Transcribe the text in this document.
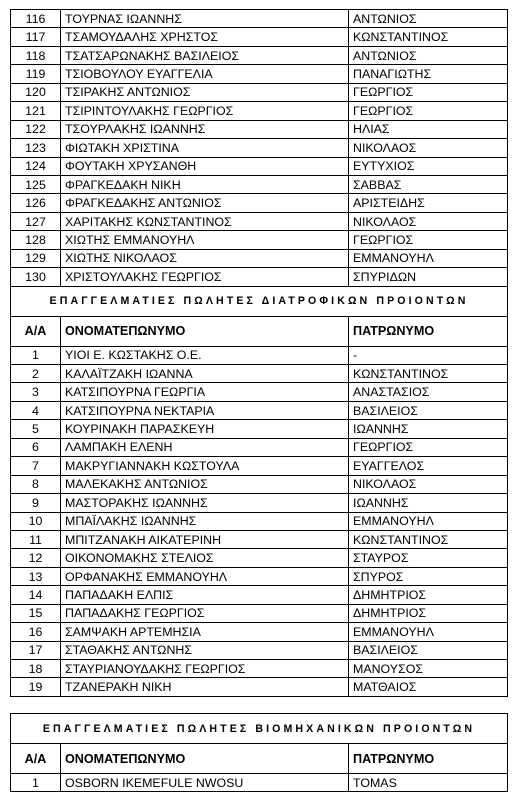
116	ΤΟΥΡΝΑΣ ΙΩΑΝΝΗΣ	ΑΝΤΩΝΙΟΣ
117	ΤΣΑΜΟΥΔΑΛΗΣ ΧΡΗΣΤΟΣ	ΚΩΝΣΤΑΝΤΙΝΟΣ
118	ΤΣΑΤΣΑΡΩΝΑΚΗΣ ΒΑΣΙΛΕΙΟΣ	ΑΝΤΩΝΙΟΣ
119	ΤΣΙΟΒΟΥΛΟΥ ΕΥΑΓΓΕΛΙΑ	ΠΑΝΑΓΙΩΤΗΣ
120	ΤΣΙΡΑΚΗΣ ΑΝΤΩΝΙΟΣ	ΓΕΩΡΓΙΟΣ
121	ΤΣΙΡΙΝΤΟΥΛΑΚΗΣ ΓΕΩΡΓΙΟΣ	ΓΕΩΡΓΙΟΣ
122	ΤΣΟΥΡΛΑΚΗΣ ΙΩΑΝΝΗΣ	ΗΛΙΑΣ
123	ΦΙΩΤΑΚΗ ΧΡΙΣΤΙΝΑ	ΝΙΚΟΛΑΟΣ
124	ΦΟΥΤΑΚΗ ΧΡΥΣΑΝΘΗ	ΕΥΤΥΧΙΟΣ
125	ΦΡΑΓΚΕΔΑΚΗ ΝΙΚΗ	ΣΑΒΒΑΣ
126	ΦΡΑΓΚΕΔΑΚΗΣ ΑΝΤΩΝΙΟΣ	ΑΡΙΣΤΕΙΔΗΣ
127	ΧΑΡΙΤΑΚΗΣ ΚΩΝΣΤΑΝΤΙΝΟΣ	ΝΙΚΟΛΑΟΣ
128	ΧΙΩΤΗΣ ΕΜΜΑΝΟΥΗΛ	ΓΕΩΡΓΙΟΣ
129	ΧΙΩΤΗΣ ΝΙΚΟΛΑΟΣ	ΕΜΜΑΝΟΥΗΛ
130	ΧΡΙΣΤΟΥΛΑΚΗΣ ΓΕΩΡΓΙΟΣ	ΣΠΥΡΙΔΩΝ
ΕΠΑΓΓΕΛΜΑΤΙΕΣ ΠΩΛΗΤΕΣ ΔΙΑΤΡΟΦΙΚΩΝ ΠΡΟΙΟΝΤΩΝ		
Α/Α	ΟΝΟΜΑΤΕΠΩΝΥΜΟ	ΠΑΤΡΩΝΥΜΟ
1	ΥΙΟΙ Ε. ΚΩΣΤΑΚΗΣ Ο.Ε.	-
2	ΚΑΛΑΪΤΖΑΚΗ ΙΩΑΝΝΑ	ΚΩΝΣΤΑΝΤΙΝΟΣ
3	ΚΑΤΣΙΠΟΥΡΝΑ ΓΕΩΡΓΙΑ	ΑΝΑΣΤΑΣΙΟΣ
4	ΚΑΤΣΙΠΟΥΡΝΑ ΝΕΚΤΑΡΙΑ	ΒΑΣΙΛΕΙΟΣ
5	ΚΟΥΡΙΝΑΚΗ ΠΑΡΑΣΚΕΥΗ	ΙΩΑΝΝΗΣ
6	ΛΑΜΠΑΚΗ ΕΛΕΝΗ	ΓΕΩΡΓΙΟΣ
7	ΜΑΚΡΥΓΙΑΝΝΑΚΗ ΚΩΣΤΟΥΛΑ	ΕΥΑΓΓΕΛΟΣ
8	ΜΑΛΕΚΑΚΗΣ ΑΝΤΩΝΙΟΣ	ΝΙΚΟΛΑΟΣ
9	ΜΑΣΤΟΡΑΚΗΣ ΙΩΑΝΝΗΣ	ΙΩΑΝΝΗΣ
10	ΜΠΑΪΛΑΚΗΣ ΙΩΑΝΝΗΣ	ΕΜΜΑΝΟΥΗΛ
11	ΜΠΙΤΖΑΝΑΚΗ ΑΙΚΑΤΕΡΙΝΗ	ΚΩΝΣΤΑΝΤΙΝΟΣ
12	ΟΙΚΟΝΟΜΑΚΗΣ ΣΤΕΛΙΟΣ	ΣΤΑΥΡΟΣ
13	ΟΡΦΑΝΑΚΗΣ ΕΜΜΑΝΟΥΗΛ	ΣΠΥΡΟΣ
14	ΠΑΠΑΔΑΚΗ ΕΛΠΙΣ	ΔΗΜΗΤΡΙΟΣ
15	ΠΑΠΑΔΑΚΗΣ ΓΕΩΡΓΙΟΣ	ΔΗΜΗΤΡΙΟΣ
16	ΣΑΜΨΑΚΗ ΑΡΤΕΜΗΣΙΑ	ΕΜΜΑΝΟΥΗΛ
17	ΣΤΑΘΑΚΗΣ ΑΝΤΩΝΗΣ	ΒΑΣΙΛΕΙΟΣ
18	ΣΤΑΥΡΙΑΝΟΥΔΑΚΗΣ ΓΕΩΡΓΙΟΣ	ΜΑΝΟΥΣΟΣ
19	ΤΖΑΝΕΡΑΚΗ ΝΙΚΗ	ΜΑΤΘΑΙΟΣ
ΕΠΑΓΓΕΛΜΑΤΙΕΣ ΠΩΛΗΤΕΣ ΒΙΟΜΗΧΑΝΙΚΩΝ ΠΡΟΙΟΝΤΩΝ		
Α/Α	ΟΝΟΜΑΤΕΠΩΝΥΜΟ	ΠΑΤΡΩΝΥΜΟ
1	OSBORN IKEMEFULE NWOSU	TOMAS
